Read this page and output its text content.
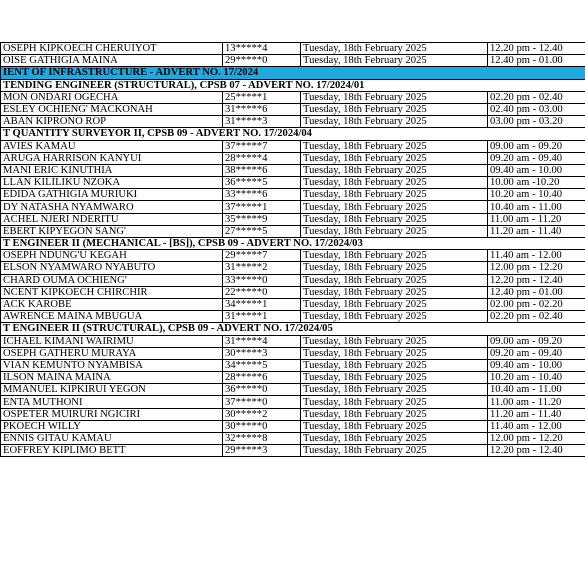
OSEPH KIPKOECH CHERUIYOT	13*****4	Tuesday, 18th February 2025	12.20 pm - 12.40
OISE GATHIGIA MAINA	29*****0	Tuesday, 18th February 2025	12.40 pm - 01.00
IENT OF INFRASTRUCTURE - ADVERT NO. 17/2024			
TENDING ENGINEER (STRUCTURAL), CPSB 07 - ADVERT NO. 17/2024/01			
MON ONDARI OGECHA	25*****1	Tuesday, 18th February 2025	02.20 pm - 02.40
ESLEY OCHIENG' MACKONAH	31*****6	Tuesday, 18th February 2025	02.40 pm - 03.00
ABAN KIPRONO ROP	31*****3	Tuesday, 18th February 2025	03.00 pm - 03.20
T QUANTITY SURVEYOR II, CPSB 09 - ADVERT NO. 17/2024/04			
AVIES KAMAU	37*****7	Tuesday, 18th February 2025	09.00 am - 09.20
ARUGA HARRISON KANYUI	28*****4	Tuesday, 18th February 2025	09.20 am - 09.40
MANI ERIC KINUTHIA	38*****6	Tuesday, 18th February 2025	09.40 am - 10.00
LLAN KILILIKU NZOKA	36*****5	Tuesday, 18th February 2025	10.00 am -10.20
EDIDA GATHIGIA MURIUKI	33*****6	Tuesday, 18th February 2025	10.20 am - 10.40
DY NATASHA NYAMWARO	37*****1	Tuesday, 18th February 2025	10.40 am - 11.00
ACHEL NJERI NDERITU	35*****9	Tuesday, 18th February 2025	11.00 am - 11.20
EBERT KIPYEGON SANG'	27*****5	Tuesday, 18th February 2025	11.20 am - 11.40
T ENGINEER II (MECHANICAL - [BS]), CPSB 09 - ADVERT NO. 17/2024/03			
OSEPH NDUNG'U KEGAH	29*****7	Tuesday, 18th February 2025	11.40 am - 12.00
ELSON NYAMWARO NYABUTO	31*****2	Tuesday, 18th February 2025	12.00 pm - 12.20
CHARD OUMA OCHIENG'	33*****0	Tuesday, 18th February 2025	12.20 pm - 12.40
NCENT KIPKOECH CHIRCHIR	22*****0	Tuesday, 18th February 2025	12.40 pm - 01.00
ACK KAROBE	34*****1	Tuesday, 18th February 2025	02.00 pm - 02.20
AWRENCE MAINA MBUGUA	31*****1	Tuesday, 18th February 2025	02.20 pm - 02.40
T ENGINEER II (STRUCTURAL), CPSB 09 - ADVERT NO. 17/2024/05			
ICHAEL KIMANI WAIRIMU	31*****4	Tuesday, 18th February 2025	09.00 am - 09.20
OSEPH GATHERU MURAYA	30*****3	Tuesday, 18th February 2025	09.20 am - 09.40
VIAN KEMUNTO NYAMBISA	34*****5	Tuesday, 18th February 2025	09.40 am - 10.00
ILSON MAINA MAINA	28*****6	Tuesday, 18th February 2025	10.20 am - 10.40
MMANUEL KIPKIRUI YEGON	36*****0	Tuesday, 18th February 2025	10.40 am - 11.00
ENTA MUTHONI	37*****0	Tuesday, 18th February 2025	11.00 am - 11.20
OSPETER MUIRURI NGICIRI	30*****2	Tuesday, 18th February 2025	11.20 am - 11.40
PKOECH WILLY	30*****0	Tuesday, 18th February 2025	11.40 am - 12.00
ENNIS GITAU KAMAU	32*****8	Tuesday, 18th February 2025	12.00 pm - 12.20
EOFFREY KIPLIMO BETT	29*****3	Tuesday, 18th February 2025	12.20 pm - 12.40
